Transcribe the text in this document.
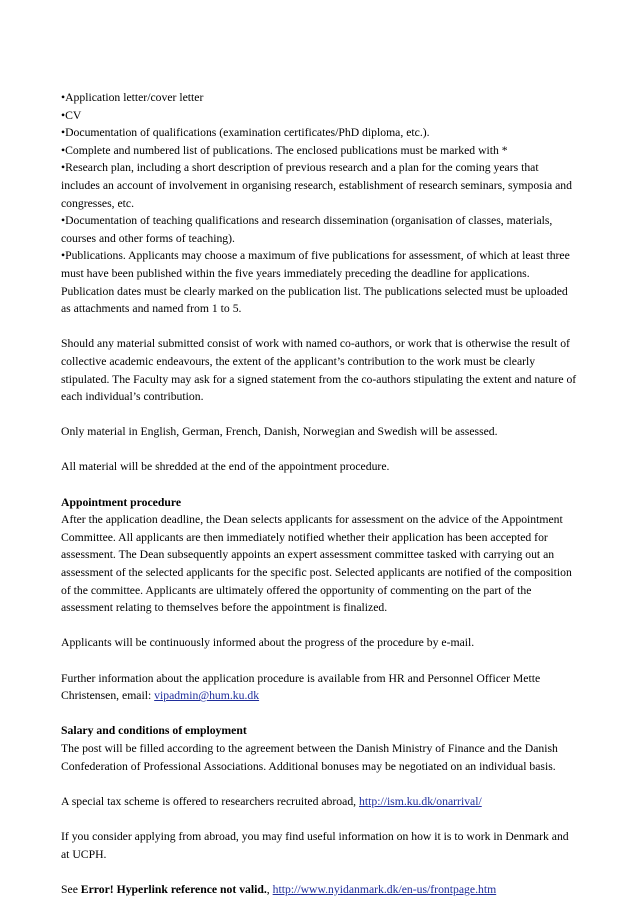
•Application letter/cover letter
•CV
•Documentation of qualifications (examination certificates/PhD diploma, etc.).
•Complete and numbered list of publications. The enclosed publications must be marked with *
•Research plan, including a short description of previous research and a plan for the coming years that includes an account of involvement in organising research, establishment of research seminars, symposia and congresses, etc.
•Documentation of teaching qualifications and research dissemination (organisation of classes, materials, courses and other forms of teaching).
•Publications. Applicants may choose a maximum of five publications for assessment, of which at least three must have been published within the five years immediately preceding the deadline for applications. Publication dates must be clearly marked on the publication list. The publications selected must be uploaded as attachments and named from 1 to 5.

Should any material submitted consist of work with named co-authors, or work that is otherwise the result of collective academic endeavours, the extent of the applicant’s contribution to the work must be clearly stipulated. The Faculty may ask for a signed statement from the co-authors stipulating the extent and nature of each individual’s contribution.

Only material in English, German, French, Danish, Norwegian and Swedish will be assessed.

All material will be shredded at the end of the appointment procedure.

Appointment procedure
After the application deadline, the Dean selects applicants for assessment on the advice of the Appointment Committee. All applicants are then immediately notified whether their application has been accepted for assessment. The Dean subsequently appoints an expert assessment committee tasked with carrying out an assessment of the selected applicants for the specific post. Selected applicants are notified of the composition of the committee. Applicants are ultimately offered the opportunity of commenting on the part of the assessment relating to themselves before the appointment is finalized.

Applicants will be continuously informed about the progress of the procedure by e-mail.

Further information about the application procedure is available from HR and Personnel Officer Mette Christensen, email: vipadmin@hum.ku.dk

Salary and conditions of employment
The post will be filled according to the agreement between the Danish Ministry of Finance and the Danish Confederation of Professional Associations. Additional bonuses may be negotiated on an individual basis.

A special tax scheme is offered to researchers recruited abroad, http://ism.ku.dk/onarrival/

If you consider applying from abroad, you may find useful information on how it is to work in Denmark and at UCPH.

See Error! Hyperlink reference not valid., http://www.nyidanmark.dk/en-us/frontpage.htm
